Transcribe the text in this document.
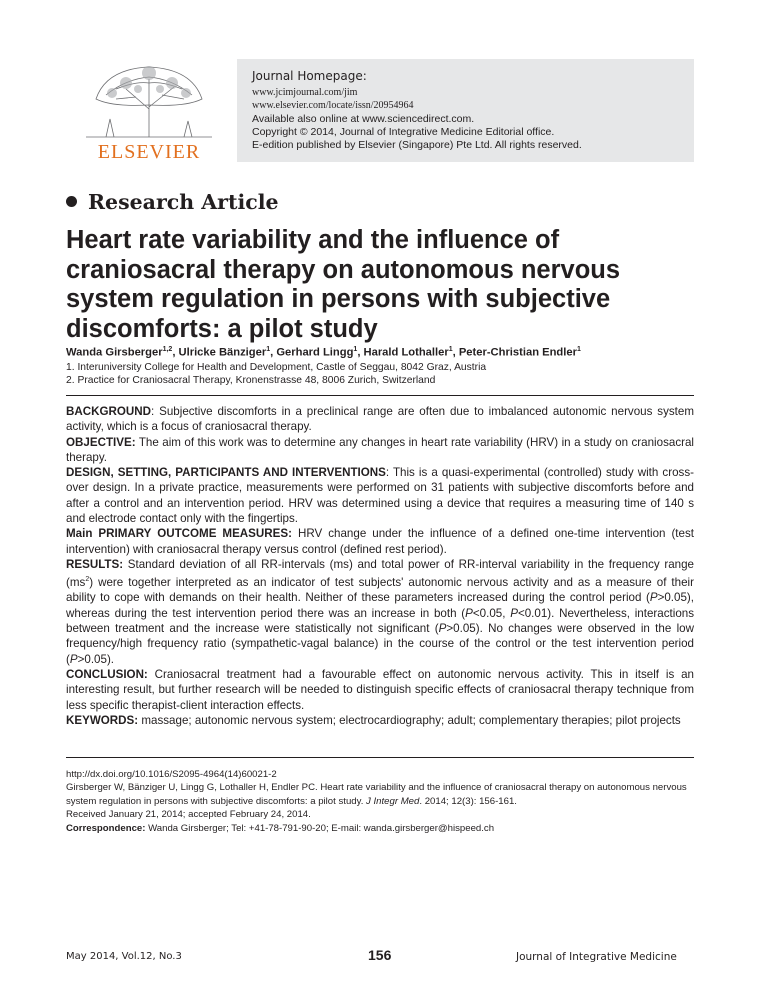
ELSEVIER
Journal Homepage:
www.jcimjournal.com/jim
www.elsevier.com/locate/issn/20954964
Available also online at www.sciencedirect.com.
Copyright © 2014, Journal of Integrative Medicine Editorial office.
E-edition published by Elsevier (Singapore) Pte Ltd. All rights reserved.
Research Article
Heart rate variability and the influence of craniosacral therapy on autonomous nervous system regulation in persons with subjective discomforts: a pilot study
Wanda Girsberger$^{1,2}$, Ulricke Bänziger$^1$, Gerhard Lingg$^1$, Harald Lothaller$^1$, Peter-Christian Endler$^1$
1. Interuniversity College for Health and Development, Castle of Seggau, 8042 Graz, Austria
2. Practice for Craniosacral Therapy, Kronenstrasse 48, 8006 Zurich, Switzerland

BACKGROUND: Subjective discomforts in a preclinical range are often due to imbalanced autonomic nervous system activity, which is a focus of craniosacral therapy.

OBJECTIVE: The aim of this work was to determine any changes in heart rate variability (HRV) in a study on craniosacral therapy.

DESIGN, SETTING, PARTICIPANTS AND INTERVENTIONS: This is a quasi-experimental (controlled) study with cross-over design. In a private practice, measurements were performed on 31 patients with subjective discomforts before and after a control and an intervention period. HRV was determined using a device that requires a measuring time of 140 s and electrode contact only with the fingertips.

Main PRIMARY OUTCOME MEASURES: HRV change under the influence of a defined one-time intervention (test intervention) with craniosacral therapy versus control (defined rest period).

RESULTS: Standard deviation of all RR-intervals (ms) and total power of RR-interval variability in the frequency range $(ms^2)$ were together interpreted as an indicator of test subjects' autonomic nervous activity and as a measure of their ability to cope with demands on their health. Neither of these parameters increased during the control period (P>0.05), whereas during the test intervention period there was an increase in both (P<0.05, P<0.01). Nevertheless, interactions between treatment and the increase were statistically not significant (P>0.05). No changes were observed in the low frequency/high frequency ratio (sympathetic-vagal balance) in the course of the control or the test intervention period (P>0.05).

CONCLUSION: Craniosacral treatment had a favourable effect on autonomic nervous activity. This in itself is an interesting result, but further research will be needed to distinguish specific effects of craniosacral therapy technique from less specific therapist-client interaction effects.

KEYWORDS: massage; autonomic nervous system; electrocardiography; adult; complementary therapies; pilot projects

http://dx.doi.org/10.1016/S2095-4964(14)60021-2

Girsberger W, Bänziger U, Lingg G, Lothaller H, Endler PC. Heart rate variability and the influence of craniosacral therapy on autonomous nervous system regulation in persons with subjective discomforts: a pilot study. J Integr Med. 2014; 12(3): 156-161.

Received January 21, 2014; accepted February 24, 2014.

Correspondence: Wanda Girsberger; Tel: +41-78-791-90-20; E-mail: wanda.girsberger@hispeed.ch

May 2014, Vol.12, No.3	156	Journal of Integrative Medicine
